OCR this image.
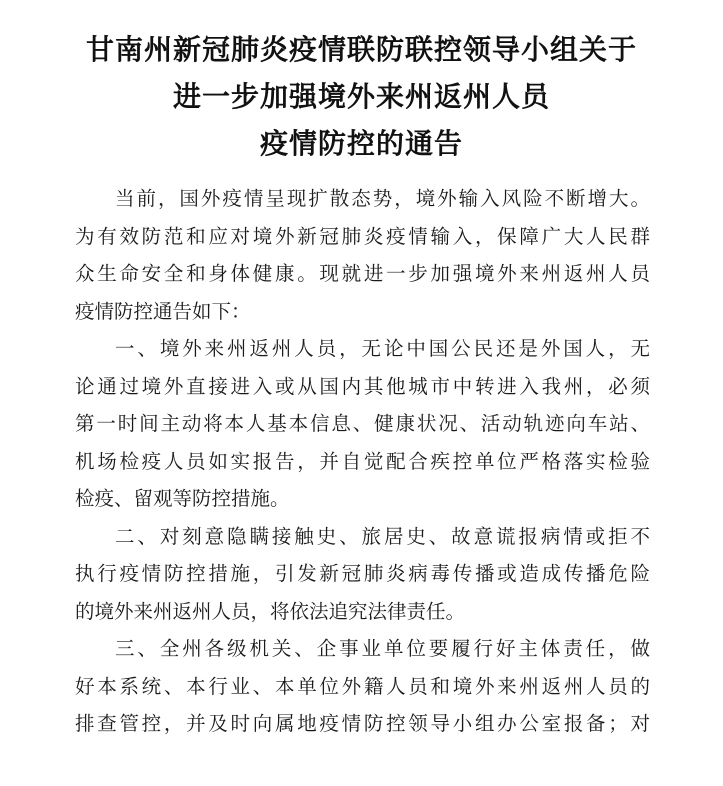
甘南州新冠肺炎疫情联防联控领导小组关于
进一步加强境外来州返州人员
疫情防控的通告
当前，国外疫情呈现扩散态势，境外输入风险不断增大。
为有效防范和应对境外新冠肺炎疫情输入，保障广大人民群
众生命安全和身体健康。现就进一步加强境外来州返州人员
疫情防控通告如下：
一、境外来州返州人员，无论中国公民还是外国人，无
论通过境外直接进入或从国内其他城市中转进入我州，必须
第一时间主动将本人基本信息、健康状况、活动轨迹向车站、
机场检疫人员如实报告，并自觉配合疾控单位严格落实检验
检疫、留观等防控措施。
二、对刻意隐瞒接触史、旅居史、故意谎报病情或拒不
执行疫情防控措施，引发新冠肺炎病毒传播或造成传播危险
的境外来州返州人员，将依法追究法律责任。
三、全州各级机关、企事业单位要履行好主体责任，做
好本系统、本行业、本单位外籍人员和境外来州返州人员的
排查管控，并及时向属地疫情防控领导小组办公室报备；对
